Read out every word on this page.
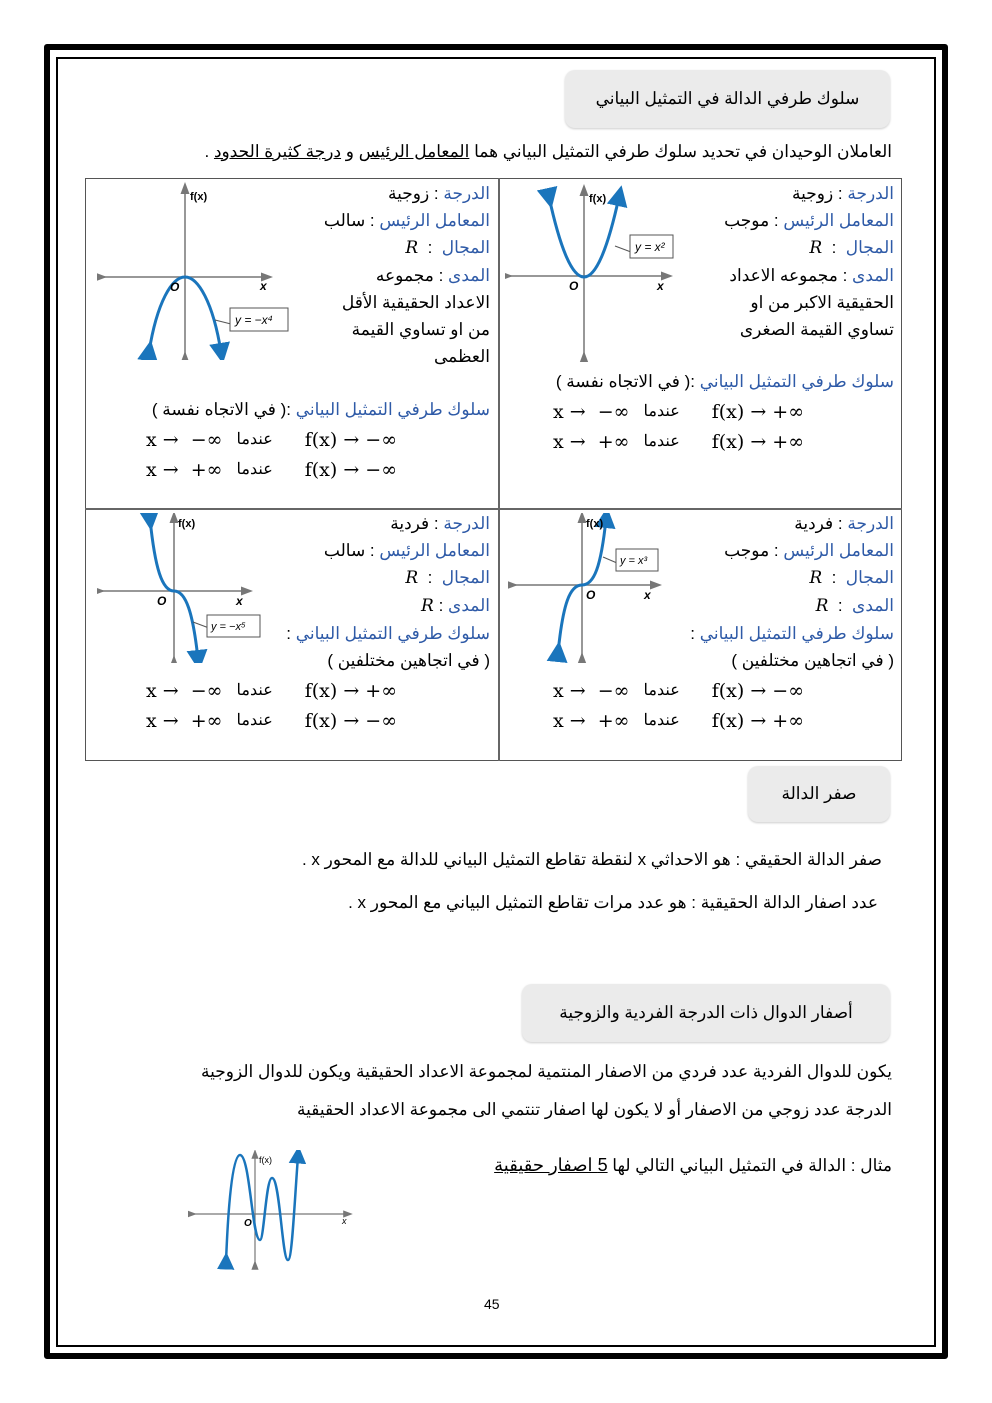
سلوك طرفي الدالة في التمثيل البياني
العاملان الوحيدان في تحديد سلوك طرفي التمثيل البياني هما المعامل الرئيس و درجة كثيرة الحدود .
الدرجة : زوجية
المعامل الرئيس : موجب
المجال  :  R
المدى : مجموعه الاعداد
الحقيقية الاكبر من او
تساوي القيمة الصغرى
سلوك طرفي التمثيل البياني :( في الاتجاه نفسة )
x →  −∞ عندما f(x) → +∞
x →  +∞ عندما f(x) → +∞
f(x)
O	x
y = x²
الدرجة : زوجية
المعامل الرئيس : سالب
المجال  :  R
المدى : مجموعه
الاعداد الحقيقية الأقل
من او تساوي القيمة
العظمى
سلوك طرفي التمثيل البياني :( في الاتجاه نفسة )
x →  −∞ عندما f(x) → −∞
x →  +∞ عندما f(x) → −∞
f(x)
O	x
y = −x⁴
الدرجة : فردية
المعامل الرئيس : موجب
المجال  :  R
المدى  :  R
سلوك طرفي التمثيل البياني :
( في اتجاهين مختلفين )
x →  −∞ عندما f(x) → −∞
x →  +∞ عندما f(x) → +∞
f(x)
O	x
y = x³
الدرجة : فردية
المعامل الرئيس : سالب
المجال  :  R
المدى : R
سلوك طرفي التمثيل البياني :
( في اتجاهين مختلفين )
x →  −∞ عندما f(x) → +∞
x →  +∞ عندما f(x) → −∞
f(x)
O	x
y = −x⁵
صفر الدالة
صفر الدالة الحقيقي : هو الاحداثي x لنقطة تقاطع التمثيل البياني للدالة مع المحور x .
عدد اصفار الدالة الحقيقية : هو عدد مرات تقاطع التمثيل البياني مع المحور x .
أصفار الدوال ذات الدرجة الفردية والزوجية
يكون للدوال الفردية عدد فردي من الاصفار المنتمية لمجموعة الاعداد الحقيقية ويكون للدوال الزوجية
الدرجة عدد زوجي من الاصفار أو لا يكون لها اصفار تنتمي الى مجموعة الاعداد الحقيقية
مثال : الدالة في التمثيل البياني التالي لها 5 اصفار حقيقية
f(x)
O	x
45
